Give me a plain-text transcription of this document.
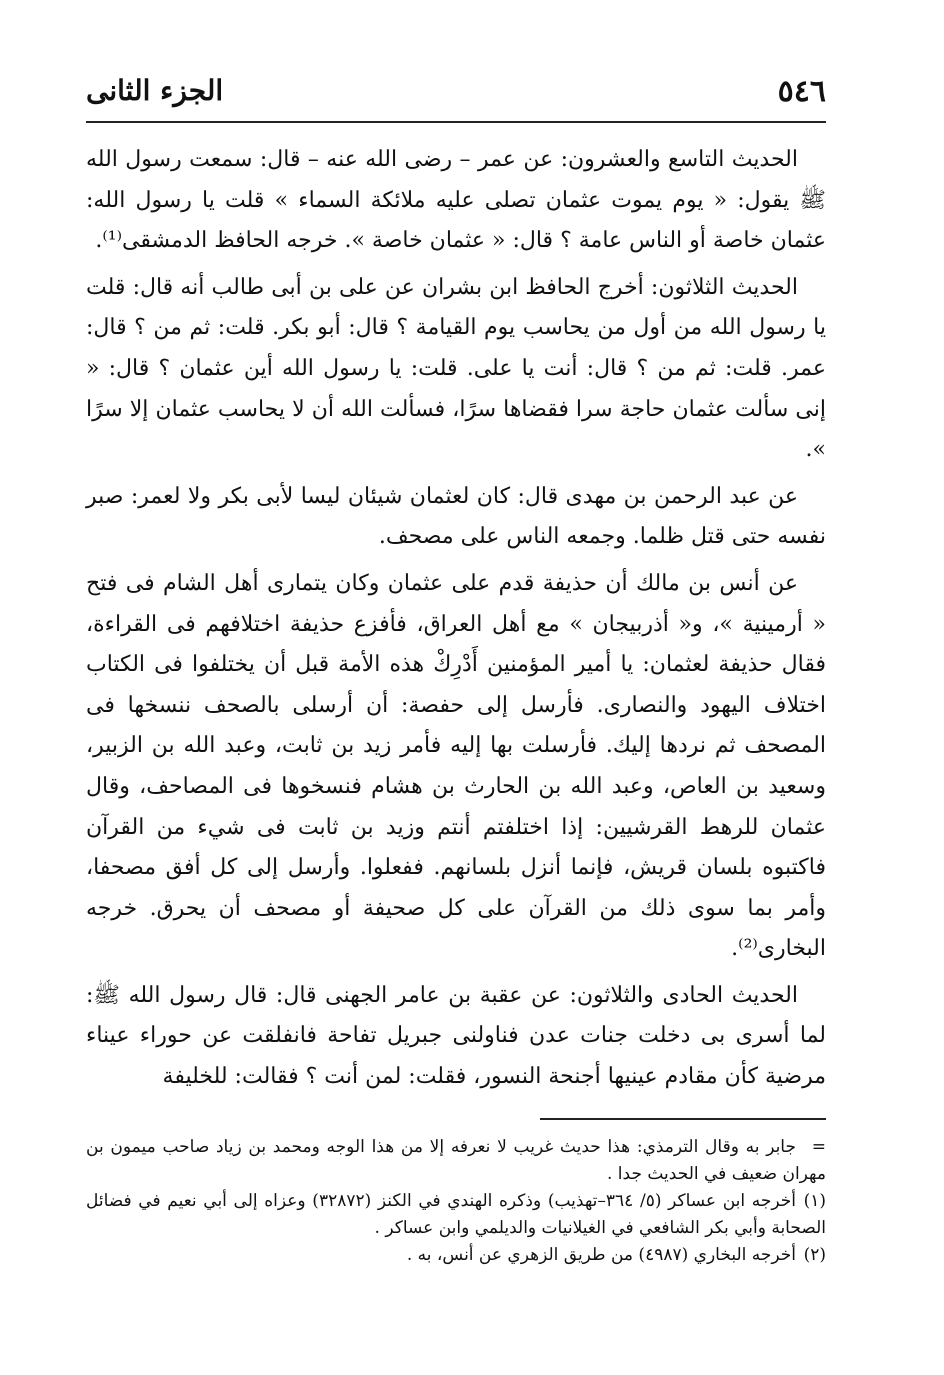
٥٤٦
الجزء الثانى

الحديث التاسع والعشرون: عن عمر – رضى الله عنه – قال: سمعت رسول الله ﷺ يقول: « يوم يموت عثمان تصلى عليه ملائكة السماء » قلت يا رسول الله: عثمان خاصة أو الناس عامة ؟ قال: « عثمان خاصة ». خرجه الحافظ الدمشقى⁽¹⁾.

الحديث الثلاثون: أخرج الحافظ ابن بشران عن على بن أبى طالب أنه قال: قلت يا رسول الله من أول من يحاسب يوم القيامة ؟ قال: أبو بكر. قلت: ثم من ؟ قال: عمر. قلت: ثم من ؟ قال: أنت يا على. قلت: يا رسول الله أين عثمان ؟ قال: « إنى سألت عثمان حاجة سرا فقضاها سرًا، فسألت الله أن لا يحاسب عثمان إلا سرًا ».

عن عبد الرحمن بن مهدى قال: كان لعثمان شيئان ليسا لأبى بكر ولا لعمر: صبر نفسه حتى قتل ظلما. وجمعه الناس على مصحف.

عن أنس بن مالك أن حذيفة قدم على عثمان وكان يتمارى أهل الشام فى فتح « أرمينية »، و« أذربيجان » مع أهل العراق، فأفزع حذيفة اختلافهم فى القراءة، فقال حذيفة لعثمان: يا أمير المؤمنين أَدْرِكْ هذه الأمة قبل أن يختلفوا فى الكتاب اختلاف اليهود والنصارى. فأرسل إلى حفصة: أن أرسلى بالصحف ننسخها فى المصحف ثم نردها إليك. فأرسلت بها إليه فأمر زيد بن ثابت، وعبد الله بن الزبير، وسعيد بن العاص، وعبد الله بن الحارث بن هشام فنسخوها فى المصاحف، وقال عثمان للرهط القرشيين: إذا اختلفتم أنتم وزيد بن ثابت فى شيء من القرآن فاكتبوه بلسان قريش، فإنما أنزل بلسانهم. ففعلوا. وأرسل إلى كل أفق مصحفا، وأمر بما سوى ذلك من القرآن على كل صحيفة أو مصحف أن يحرق. خرجه البخارى⁽²⁾.

الحديث الحادى والثلاثون: عن عقبة بن عامر الجهنى قال: قال رسول الله ﷺ: لما أسرى بى دخلت جنات عدن فناولنى جبريل تفاحة فانفلقت عن حوراء عيناء مرضية كأن مقادم عينيها أجنحة النسور، فقلت: لمن أنت ؟ فقالت: للخليفة

=جابر به وقال الترمذي: هذا حديث غريب لا نعرفه إلا من هذا الوجه ومحمد بن زياد صاحب ميمون بن مهران ضعيف في الحديث جدا .

(١)أخرجه ابن عساكر (٥/ ٣٦٤–تهذيب) وذكره الهندي في الكنز (٣٢٨٧٢) وعزاه إلى أبي نعيم في فضائل الصحابة وأبي بكر الشافعي في الغيلانيات والديلمي وابن عساكر .

(٢)أخرجه البخاري (٤٩٨٧) من طريق الزهري عن أنس، به .
